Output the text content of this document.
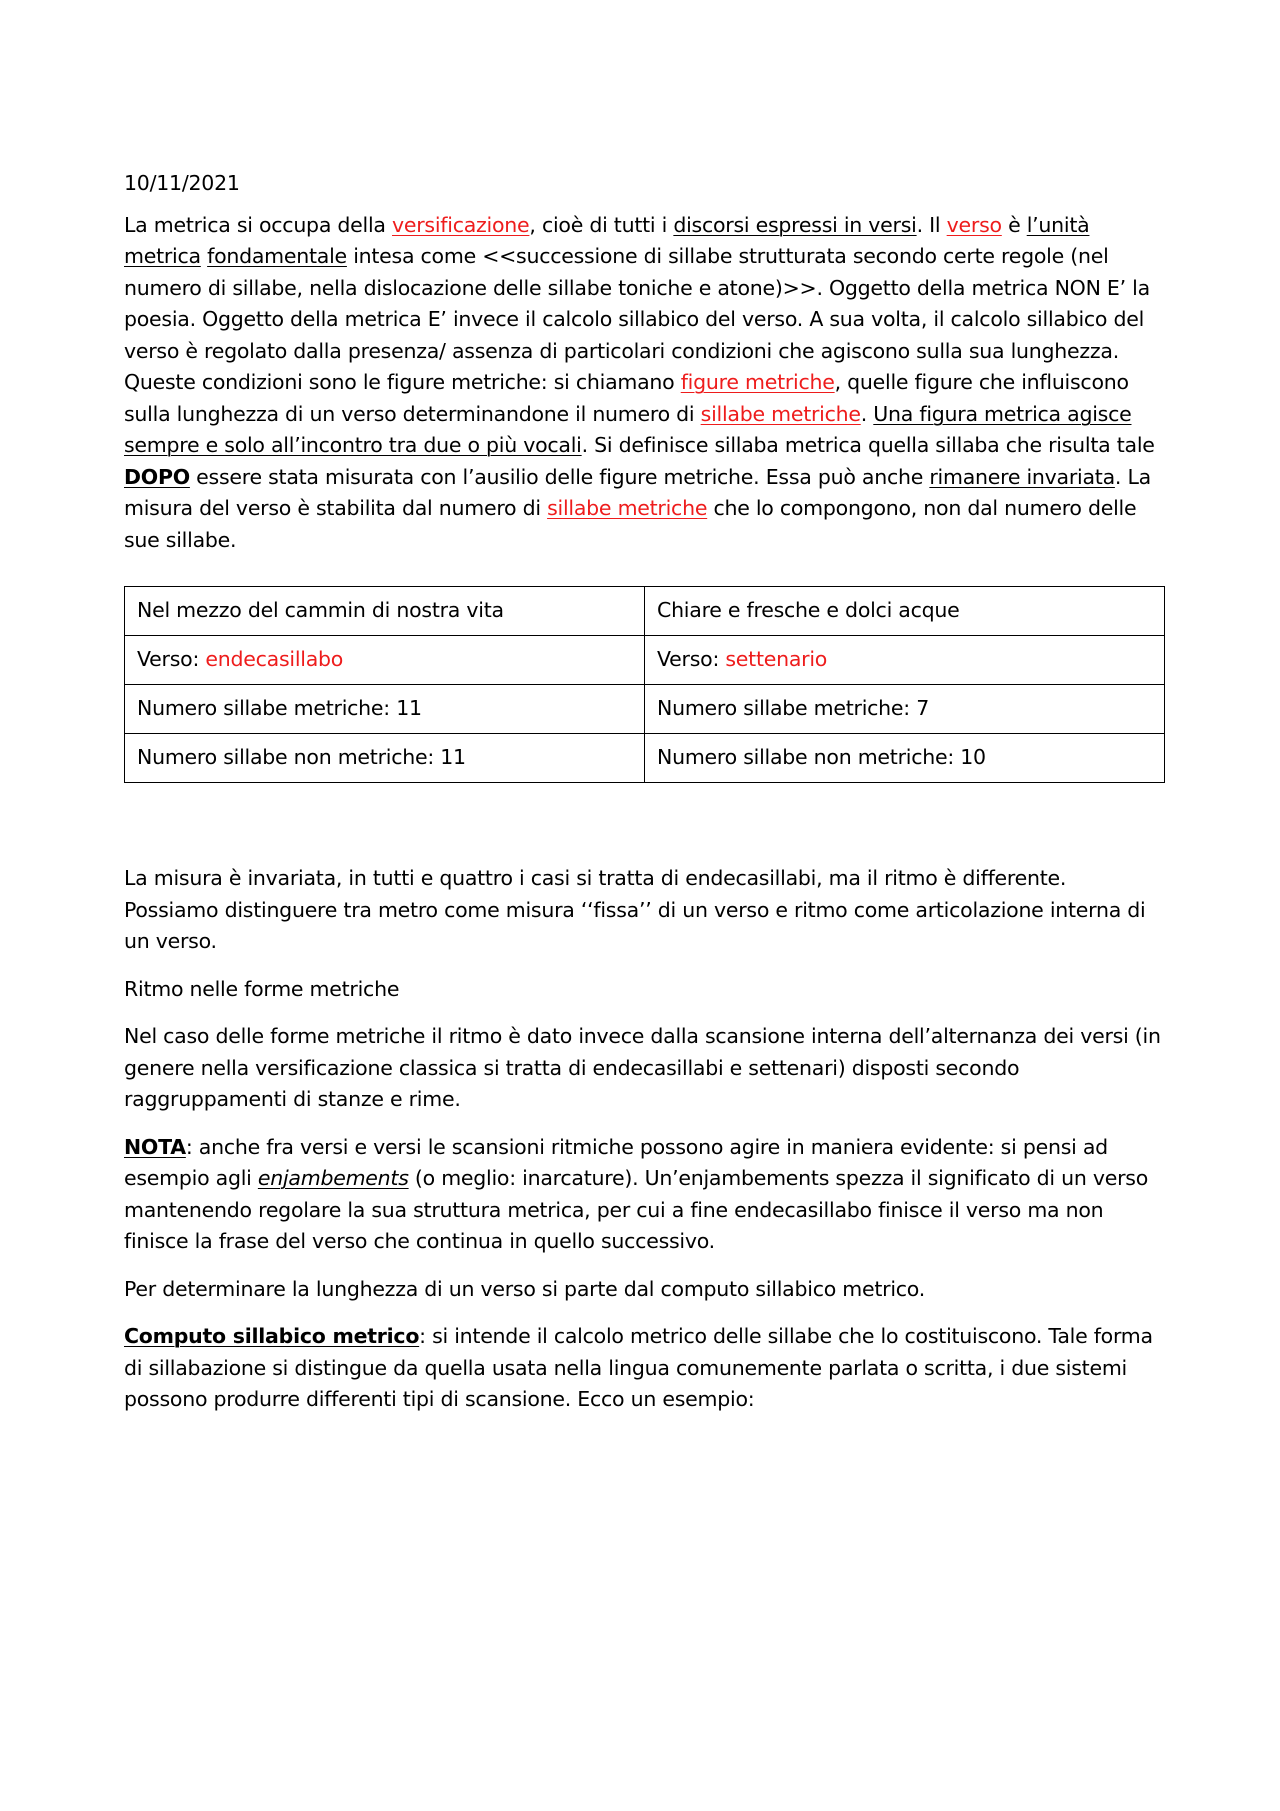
10/11/2021

La metrica si occupa della versificazione, cioè di tutti i discorsi espressi in versi. Il verso è l’unità metrica fondamentale intesa come <<successione di sillabe strutturata secondo certe regole (nel numero di sillabe, nella dislocazione delle sillabe toniche e atone)>>. Oggetto della metrica NON E’ la poesia. Oggetto della metrica E’ invece il calcolo sillabico del verso. A sua volta, il calcolo sillabico del verso è regolato dalla presenza/ assenza di particolari condizioni che agiscono sulla sua lunghezza. Queste condizioni sono le figure metriche: si chiamano figure metriche, quelle figure che influiscono sulla lunghezza di un verso determinandone il numero di sillabe metriche. Una figura metrica agisce sempre e solo all’incontro tra due o più vocali. Si definisce sillaba metrica quella sillaba che risulta tale DOPO essere stata misurata con l’ausilio delle figure metriche. Essa può anche rimanere invariata. La misura del verso è stabilita dal numero di sillabe metriche che lo compongono, non dal numero delle sue sillabe.

Nel mezzo del cammin di nostra vita	Chiare e fresche e dolci acque
Verso: endecasillabo	Verso: settenario
Numero sillabe metriche: 11	Numero sillabe metriche: 7
Numero sillabe non metriche: 11	Numero sillabe non metriche: 10

La misura è invariata, in tutti e quattro i casi si tratta di endecasillabi, ma il ritmo è differente. Possiamo distinguere tra metro come misura ‘‘fissa’’ di un verso e ritmo come articolazione interna di un verso.

Ritmo nelle forme metriche

Nel caso delle forme metriche il ritmo è dato invece dalla scansione interna dell’alternanza dei versi (in genere nella versificazione classica si tratta di endecasillabi e settenari) disposti secondo raggruppamenti di stanze e rime.

NOTA: anche fra versi e versi le scansioni ritmiche possono agire in maniera evidente: si pensi ad esempio agli enjambements (o meglio: inarcature). Un’enjambements spezza il significato di un verso mantenendo regolare la sua struttura metrica, per cui a fine endecasillabo finisce il verso ma non finisce la frase del verso che continua in quello successivo.

Per determinare la lunghezza di un verso si parte dal computo sillabico metrico.

Computo sillabico metrico: si intende il calcolo metrico delle sillabe che lo costituiscono. Tale forma di sillabazione si distingue da quella usata nella lingua comunemente parlata o scritta, i due sistemi possono produrre differenti tipi di scansione. Ecco un esempio:
